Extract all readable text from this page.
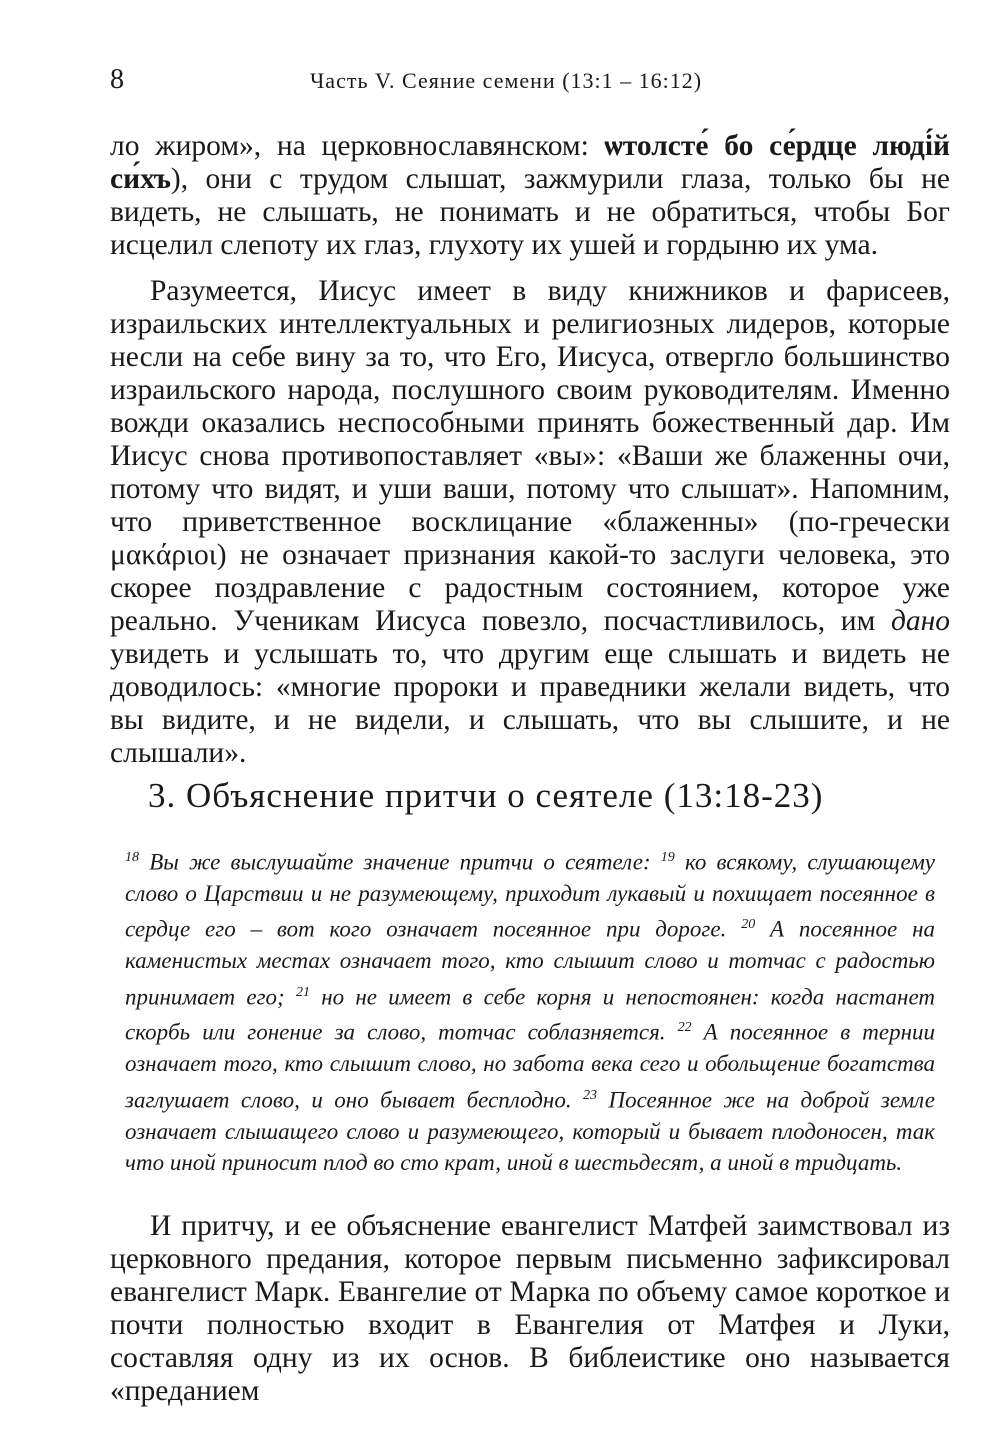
8	Часть V. Сеяние семени (13:1 – 16:12)

ло жиром», на церковнославянском: ѡтолсте́ бо се́рдце люді́й си́хъ), они с трудом слышат, зажмурили глаза, только бы не видеть, не слышать, не понимать и не обратиться, чтобы Бог исцелил слепоту их глаз, глухоту их ушей и гордыню их ума.

Разумеется, Иисус имеет в виду книжников и фарисеев, израильских интеллектуальных и религиозных лидеров, которые несли на себе вину за то, что Его, Иисуса, отвергло большинство израильского народа, послушного своим руководителям. Именно вожди оказались неспособными принять божественный дар. Им Иисус снова противопоставляет «вы»: «Ваши же блаженны очи, потому что видят, и уши ваши, потому что слышат». Напомним, что приветственное восклицание «блаженны» (по-гречески μακάριοι) не означает признания какой-то заслуги человека, это скорее поздравление с радостным состоянием, которое уже реально. Ученикам Иисуса повезло, посчастливилось, им дано увидеть и услышать то, что другим еще слышать и видеть не доводилось: «многие пророки и праведники желали видеть, что вы видите, и не видели, и слышать, что вы слышите, и не слышали».

3. Объяснение притчи о сеятеле (13:18-23)
$^{18}$ Вы же выслушайте значение притчи о сеятеле: $^{19}$ ко всякому, слушающему слово о Царствии и не разумеющему, приходит лукавый и похищает посеянное в сердце его – вот кого означает посеянное при дороге. $^{20}$ А посеянное на каменистых местах означает того, кто слышит слово и тотчас с радостью принимает его; $^{21}$ но не имеет в себе корня и непостоянен: когда настанет скорбь или гонение за слово, тотчас соблазняется. $^{22}$ А посеянное в тернии означает того, кто слышит слово, но забота века сего и обольщение богатства заглушает слово, и оно бывает бесплодно. $^{23}$ Посеянное же на доброй земле означает слышащего слово и разумеющего, который и бывает плодоносен, так что иной приносит плод во сто крат, иной в шестьдесят, а иной в тридцать.

И притчу, и ее объяснение евангелист Матфей заимствовал из церковного предания, которое первым письменно зафиксировал евангелист Марк. Евангелие от Марка по объему самое короткое и почти полностью входит в Евангелия от Матфея и Луки, составляя одну из их основ. В библеистике оно называется «преданием
